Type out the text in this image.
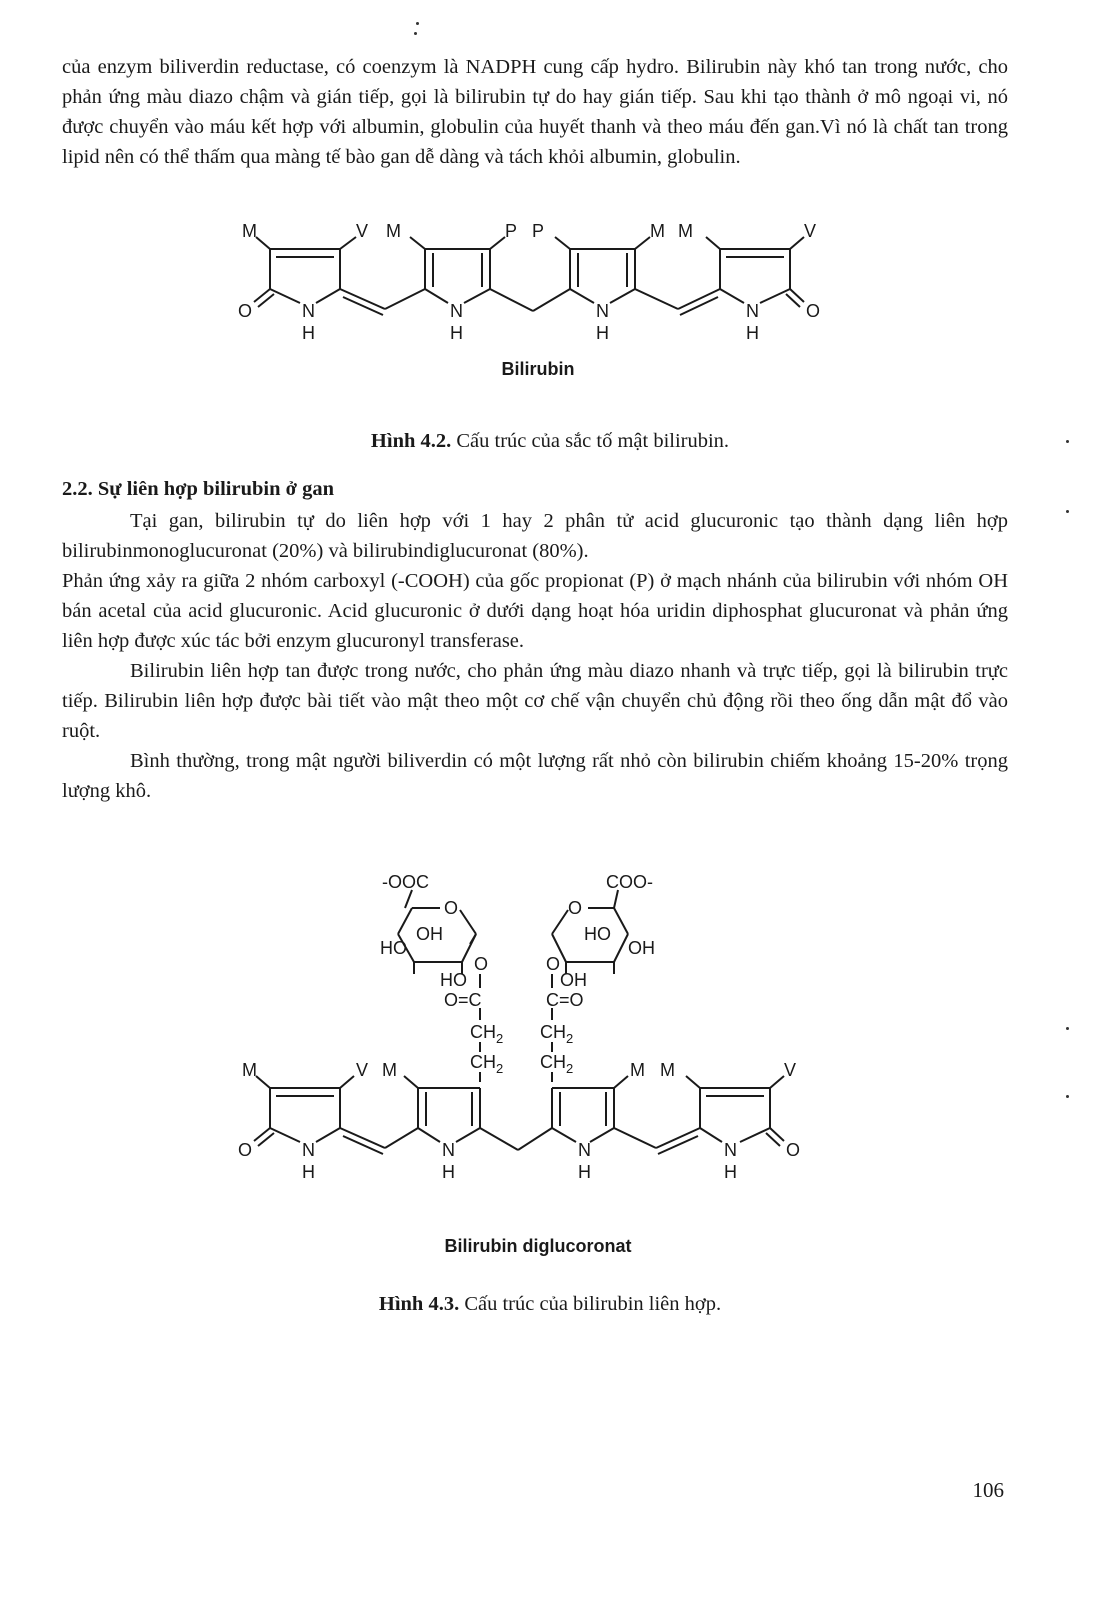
của enzym biliverdin reductase, có coenzym là NADPH cung cấp hydro. Bilirubin này khó tan trong nước, cho phản ứng màu diazo chậm và gián tiếp, gọi là bilirubin tự do hay gián tiếp. Sau khi tạo thành ở mô ngoại vi, nó được chuyển vào máu kết hợp với albumin, globulin của huyết thanh và theo máu đến gan.Vì nó là chất tan trong lipid nên có thể thấm qua màng tế bào gan dễ dàng và tách khỏi albumin, globulin.

M	V M	P P	M M	V
N
H
N
H
N
H
N
H
O	O
Bilirubin

Hình 4.2. Cấu trúc của sắc tố mật bilirubin.

2.2. Sự liên hợp bilirubin ở gan

Tại gan, bilirubin tự do liên hợp với 1 hay 2 phân tử acid glucuronic tạo thành dạng liên hợp bilirubinmonoglucuronat (20%) và bilirubindiglucuronat (80%).

Phản ứng xảy ra giữa 2 nhóm carboxyl (-COOH) của gốc propionat (P) ở mạch nhánh của bilirubin với nhóm OH bán acetal của acid glucuronic. Acid glucuronic ở dưới dạng hoạt hóa uridin diphosphat glucuronat và phản ứng liên hợp được xúc tác bởi enzym glucuronyl transferase.

Bilirubin liên hợp tan được trong nước, cho phản ứng màu diazo nhanh và trực tiếp, gọi là bilirubin trực tiếp. Bilirubin liên hợp được bài tiết vào mật theo một cơ chế vận chuyển chủ động rồi theo ống dẫn mật đổ vào ruột.

Bình thường, trong mật người biliverdin có một lượng rất nhỏ còn bilirubin chiếm khoảng 15-20% trọng lượng khô.

-OOC	COO-
O	O
OH
HO
HO
OH
O	O
HO	OH
O=C	C=O
$CH_2$ $CH_2$
$CH_2$ $CH_2$
M	V M	M M	V
N
H
N
H
N
H
N
H
O	O
Bilirubin diglucoronat

Hình 4.3. Cấu trúc của bilirubin liên hợp.

106
